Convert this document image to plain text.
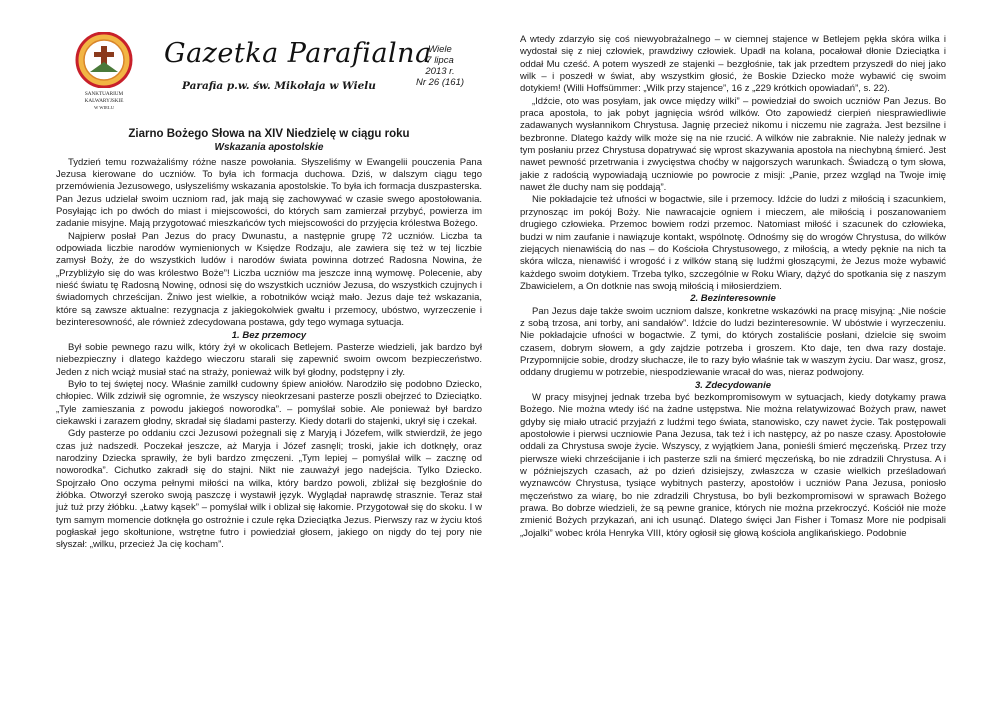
SANKTUARIUM
KALWARYJSKIE
W WIELU
Gazetka Parafialna
Parafia p.w. św. Mikołaja w Wielu
Wiele
7 lipca
2013 r.
Nr 26 (161)
Ziarno Bożego Słowa na XIV Niedzielę w ciągu roku
Wskazania apostolskie

Tydzień temu rozważaliśmy różne nasze powołania. Słyszeliśmy w Ewangelii pouczenia Pana Jezusa kierowane do uczniów. To była ich formacja duchowa. Dziś, w dalszym ciągu tego przemówienia Jezusowego, usłyszeliśmy wskazania apostolskie. To była ich formacja duszpasterska. Pan Jezus udzielał swoim uczniom rad, jak mają się zachowywać w czasie swego apostołowania. Posyłając ich po dwóch do miast i miejscowości, do których sam zamierzał przybyć, powierza im zadanie misyjne. Mają przygotować mieszkańców tych miejscowości do przyjęcia królestwa Bożego.

Najpierw posłał Pan Jezus do pracy Dwunastu, a następnie grupę 72 uczniów. Liczba ta odpowiada liczbie narodów wymienionych w Księdze Rodzaju, ale zawiera się też w tej liczbie zamysł Boży, że do wszystkich ludów i narodów świata powinna dotrzeć Radosna Nowina, że „Przybliżyło się do was królestwo Boże”! Liczba uczniów ma jeszcze inną wymowę. Polecenie, aby nieść światu tę Radosną Nowinę, odnosi się do wszystkich uczniów Jezusa, do wszystkich czujnych i świadomych chrześcijan. Żniwo jest wielkie, a robotników wciąż mało. Jezus daje też wskazania, które są zawsze aktualne: rezygnacja z jakiegokolwiek gwałtu i przemocy, ubóstwo, wyrzeczenie i bezinteresowność, ale również zdecydowana postawa, gdy tego wymaga sytuacja.

1. Bez przemocy

Był sobie pewnego razu wilk, który żył w okolicach Betlejem. Pasterze wiedzieli, jak bardzo był niebezpieczny i dlatego każdego wieczoru starali się zapewnić swoim owcom bezpieczeństwo. Jeden z nich wciąż musiał stać na straży, ponieważ wilk był głodny, podstępny i zły.

Było to tej świętej nocy. Właśnie zamilkł cudowny śpiew aniołów. Narodziło się podobno Dziecko, chłopiec. Wilk zdziwił się ogromnie, że wszyscy nieokrzesani pasterze poszli obejrzeć to Dzieciątko. „Tyle zamieszania z powodu jakiegoś noworodka”. – pomyślał sobie. Ale ponieważ był bardzo ciekawski i zarazem głodny, skradał się śladami pasterzy. Kiedy dotarli do stajenki, ukrył się i czekał.

Gdy pasterze po oddaniu czci Jezusowi pożegnali się z Maryją i Józefem, wilk stwierdził, że jego czas już nadszedł. Poczekał jeszcze, aż Maryja i Józef zasnęli; troski, jakie ich dotknęły, oraz narodziny Dziecka sprawiły, że byli bardzo zmęczeni. „Tym lepiej – pomyślał wilk – zacznę od noworodka”. Cichutko zakradł się do stajni. Nikt nie zauważył jego nadejścia. Tylko Dziecko. Spojrzało Ono oczyma pełnymi miłości na wilka, który bardzo powoli, zbliżał się bezgłośnie do żłóbka. Otworzył szeroko swoją paszczę i wystawił język. Wyglądał naprawdę strasznie. Teraz stał już tuż przy żłóbku. „Łatwy kąsek” – pomyślał wilk i oblizał się łakomie. Przygotował się do skoku. I w tym samym momencie dotknęła go ostrożnie i czule ręka Dzieciątka Jezus. Pierwszy raz w życiu ktoś pogłaskał jego skołtunione, wstrętne futro i powiedział głosem, jakiego on nigdy do tej pory nie słyszał: „wilku, przecież Ja cię kocham”.

A wtedy zdarzyło się coś niewyobrażalnego – w ciemnej stajence w Betlejem pękła skóra wilka i wydostał się z niej człowiek, prawdziwy człowiek. Upadł na kolana, pocałował dłonie Dzieciątka i oddał Mu cześć. A potem wyszedł ze stajenki – bezgłośnie, tak jak przedtem przyszedł do niej jako wilk – i poszedł w świat, aby wszystkim głosić, że Boskie Dziecko może wybawić cię swoim dotykiem! (Willi Hoffsümmer: „Wilk przy stajence”, 16 z „229 krótkich opowiadań”, s. 22).

„Idźcie, oto was posyłam, jak owce między wilki” – powiedział do swoich uczniów Pan Jezus. Bo praca apostoła, to jak pobyt jagnięcia wśród wilków. Oto zapowiedź cierpień niesprawiedliwie zadawanych wysłannikom Chrystusa. Jagnię przecież nikomu i niczemu nie zagraża. Jest bezsilne i bezbronne. Dlatego każdy wilk może się na nie rzucić. A wilków nie zabraknie. Nie należy jednak w tym posłaniu przez Chrystusa dopatrywać się wprost skazywania apostoła na niechybną śmierć. Jest nawet pewność przetrwania i zwycięstwa choćby w najgorszych warunkach. Świadczą o tym słowa, jakie z radością wypowiadają uczniowie po powrocie z misji: „Panie, przez wzgląd na Twoje imię nawet źle duchy nam się poddają”.

Nie pokładajcie też ufności w bogactwie, sile i przemocy. Idźcie do ludzi z miłością i szacunkiem, przynosząc im pokój Boży. Nie nawracajcie ogniem i mieczem, ale miłością i poszanowaniem drugiego człowieka. Przemoc bowiem rodzi przemoc. Natomiast miłość i szacunek do człowieka, budzi w nim zaufanie i nawiązuje kontakt, wspólnotę. Odnośmy się do wrogów Chrystusa, do wilków ziejących nienawiścią do nas – do Kościoła Chrystusowego, z miłością, a wtedy pęknie na nich ta skóra wilcza, nienawiść i wrogość i z wilków staną się ludźmi głoszącymi, że Jezus może wybawić każdego swoim dotykiem. Trzeba tylko, szczególnie w Roku Wiary, dążyć do spotkania się z naszym Zbawicielem, a On dotknie nas swoją miłością i miłosierdziem.

2. Bezinteresownie

Pan Jezus daje także swoim uczniom dalsze, konkretne wskazówki na pracę misyjną: „Nie noście z sobą trzosa, ani torby, ani sandałów”. Idźcie do ludzi bezinteresownie. W ubóstwie i wyrzeczeniu. Nie pokładajcie ufności w bogactwie. Z tymi, do których zostaliście posłani, dzielcie się swoim czasem, dobrym słowem, a gdy zajdzie potrzeba i groszem. Kto daje, ten dwa razy dostaje. Przypomnijcie sobie, drodzy słuchacze, ile to razy było właśnie tak w waszym życiu. Dar wasz, grosz, oddany drugiemu w potrzebie, niespodziewanie wracał do was, nieraz podwojony.

3. Zdecydowanie

W pracy misyjnej jednak trzeba być bezkompromisowym w sytuacjach, kiedy dotykamy prawa Bożego. Nie można wtedy iść na żadne ustępstwa. Nie można relatywizować Bożych praw, nawet gdyby się miało utracić przyjaźń z ludźmi tego świata, stanowisko, czy nawet życie. Tak postępowali apostołowie i pierwsi uczniowie Pana Jezusa, tak też i ich następcy, aż po nasze czasy. Apostołowie oddali za Chrystusa swoje życie. Wszyscy, z wyjątkiem Jana, ponieśli śmierć męczeńską. Przez trzy pierwsze wieki chrześcijanie i ich pasterze szli na śmierć męczeńską, bo nie zdradzili Chrystusa. A i w późniejszych czasach, aż po dzień dzisiejszy, zwłaszcza w czasie wielkich prześladowań wyznawców Chrystusa, tysiące wybitnych pasterzy, apostołów i uczniów Pana Jezusa, poniosło męczeństwo za wiarę, bo nie zdradzili Chrystusa, bo byli bezkompromisowi w sprawach Bożego prawa. Bo dobrze wiedzieli, że są pewne granice, których nie można przekroczyć. Kościół nie może zmienić Bożych przykazań, ani ich usunąć. Dlatego święci Jan Fisher i Tomasz More nie podpisali „Jojalki” wobec króla Henryka VIII, który ogłosił się głową kościoła anglikańskiego. Podobnie
